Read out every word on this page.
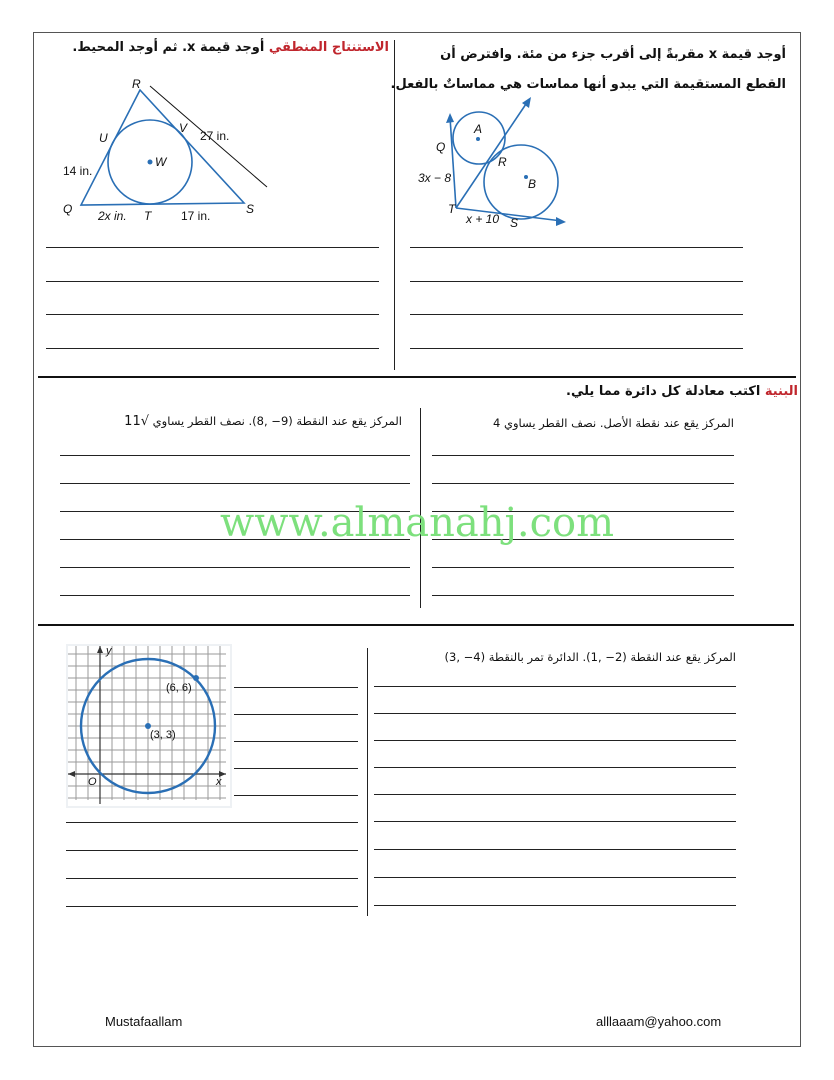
أوجد قيمة x مقربةً إلى أقرب جزء من مئة. وافترض أن
القطع المستقيمة التي يبدو أنها مماسات هي مماساتٌ بالفعل.
الاستنتاج المنطقي أوجد قيمة x. ثم أوجد المحيط.
Q
A
R
B
T
S
3x − 8
x + 10
R
U
V
W
Q	T	S
2x in.
27 in.
14 in.
17 in.
البنية اكتب معادلة كل دائرة مما يلي.
المركز يقع عند نقطة الأصل. نصف القطر يساوي 4
المركز يقع عند النقطة (9− ,8). نصف القطر يساوي √11
المركز يقع عند النقطة (2− ,1). الدائرة تمر بالنقطة (4− ,3)
y
x
O
(6, 6)
(3, 3)
www.almanahj.com
Mustafaallam	alllaaam@yahoo.com
